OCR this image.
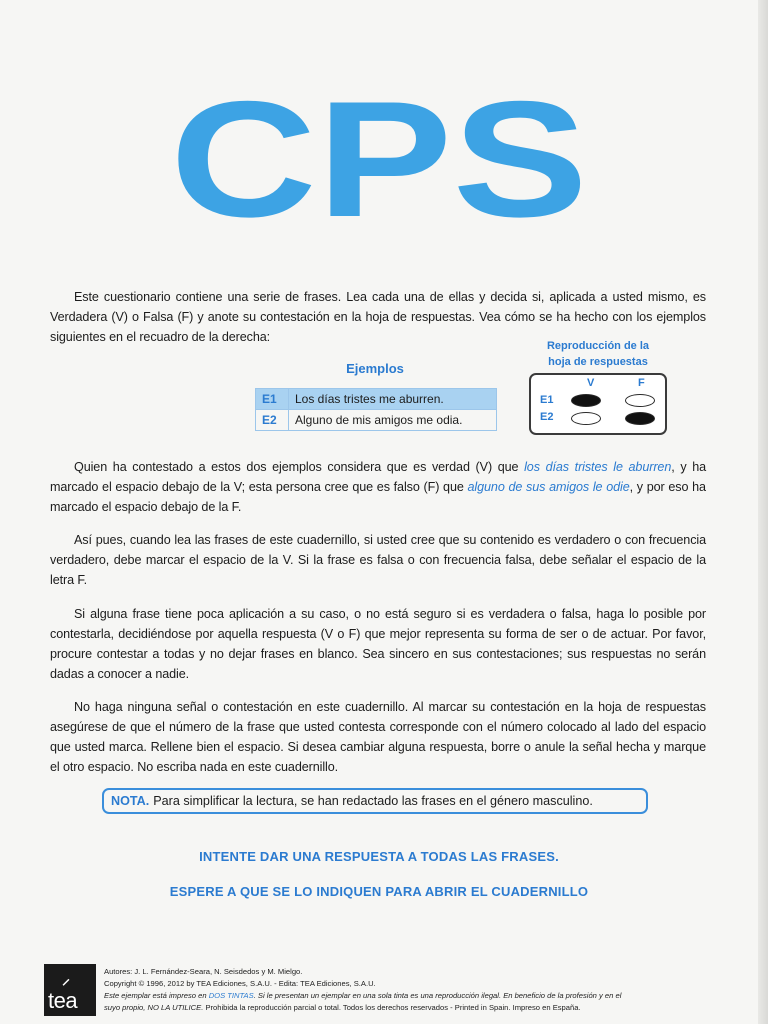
CPS
Este cuestionario contiene una serie de frases. Lea cada una de ellas y decida si, aplicada a usted mismo, es Verdadera (V) o Falsa (F) y anote su contestación en la hoja de respuestas. Vea cómo se ha hecho con los ejemplos siguientes en el recuadro de la derecha:
Ejemplos
E1	Los días tristes me aburren.
E2	Alguno de mis amigos me odia.
Reproducción de la
hoja de respuestas
V	F
E1
E2
Quien ha contestado a estos dos ejemplos considera que es verdad (V) que los días tristes le aburren, y ha marcado el espacio debajo de la V; esta persona cree que es falso (F) que alguno de sus amigos le odie, y por eso ha marcado el espacio debajo de la F.
Así pues, cuando lea las frases de este cuadernillo, si usted cree que su contenido es verdadero o con frecuencia verdadero, debe marcar el espacio de la V. Si la frase es falsa o con frecuencia falsa, debe señalar el espacio de la letra F.
Si alguna frase tiene poca aplicación a su caso, o no está seguro si es verdadera o falsa, haga lo posible por contestarla, decidiéndose por aquella respuesta (V o F) que mejor representa su forma de ser o de actuar. Por favor, procure contestar a todas y no dejar frases en blanco. Sea sincero en sus contestaciones; sus respuestas no serán dadas a conocer a nadie.
No haga ninguna señal o contestación en este cuadernillo. Al marcar su contestación en la hoja de respuestas asegúrese de que el número de la frase que usted contesta corresponde con el número colocado al lado del espacio que usted marca. Rellene bien el espacio. Si desea cambiar alguna respuesta, borre o anule la señal hecha y marque el otro espacio. No escriba nada en este cuadernillo.
NOTA. Para simplificar la lectura, se han redactado las frases en el género masculino.
INTENTE DAR UNA RESPUESTA A TODAS LAS FRASES.
ESPERE A QUE SE LO INDIQUEN PARA ABRIR EL CUADERNILLO
⸝
tea
Autores: J. L. Fernández-Seara, N. Seisdedos y M. Mielgo.
Copyright © 1996, 2012 by TEA Ediciones, S.A.U. - Edita: TEA Ediciones, S.A.U.
Este ejemplar está impreso en DOS TINTAS. Si le presentan un ejemplar en una sola tinta es una reproducción ilegal. En beneficio de la profesión y en el
suyo propio, NO LA UTILICE. Prohibida la reproducción parcial o total. Todos los derechos reservados - Printed in Spain. Impreso en España.
